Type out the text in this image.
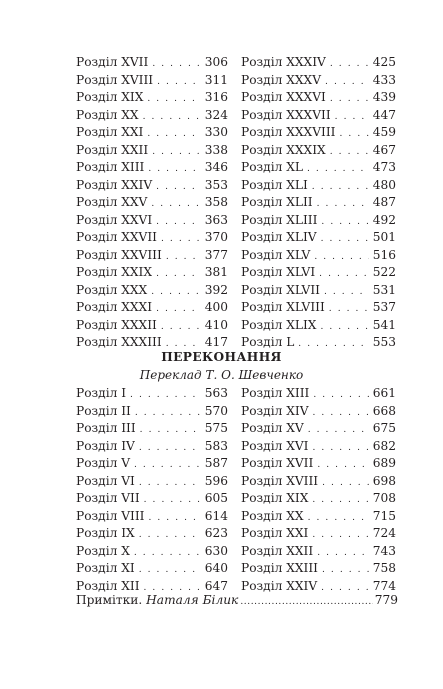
Розділ XVII . . .	306
Розділ XVIII . . .	311
Розділ XIX . . .	316
Розділ XX . . .	324
Розділ XXI . . .	330
Розділ XXII . . .	338
Розділ XIII . . .	346
Розділ XXIV . . .	353
Розділ XXV . . .	358
Розділ XXVI . . .	363
Розділ XXVII . . .	370
Розділ XXVIII . . .	377
Розділ XXIX . . .	381
Розділ XXX . . .	392
Розділ XXXI . . .	400
Розділ XXXII . . .	410
Розділ XXXIII . . .	417
Розділ XXXIV . . .	425
Розділ XXXV . . .	433
Розділ XXXVI . . .	439
Розділ XXXVII . . .	447
Розділ XXXVIII . . .	459
Розділ XXXIX . . .	467
Розділ XL . . .	473
Розділ XLI . . .	480
Розділ XLII . . .	487
Розділ XLIII . . .	492
Розділ XLIV . . .	501
Розділ XLV . . .	516
Розділ XLVI . . .	522
Розділ XLVII . . .	531
Розділ XLVIII . . .	537
Розділ XLIX . . .	541
Розділ L . . .	553
ПЕРЕКОНАННЯ
Переклад Т. О. Шевченко
Розділ I . . .	563
Розділ II . . .	570
Розділ III . . .	575
Розділ IV . . .	583
Розділ V . . .	587
Розділ VI . . .	596
Розділ VII . . .	605
Розділ VIII . . .	614
Розділ IX . . .	623
Розділ X . . .	630
Розділ XI . . .	640
Розділ XII . . .	647
Розділ XIII . . .	661
Розділ XIV . . .	668
Розділ XV . . .	675
Розділ XVI . . .	682
Розділ XVII . . .	689
Розділ XVIII . . .	698
Розділ XIX . . .	708
Розділ XX . . .	715
Розділ XXI . . .	724
Розділ XXII . . .	743
Розділ XXIII . . .	758
Розділ XXIV . . .	774
Примітки.
Наталя Білик .....	779
